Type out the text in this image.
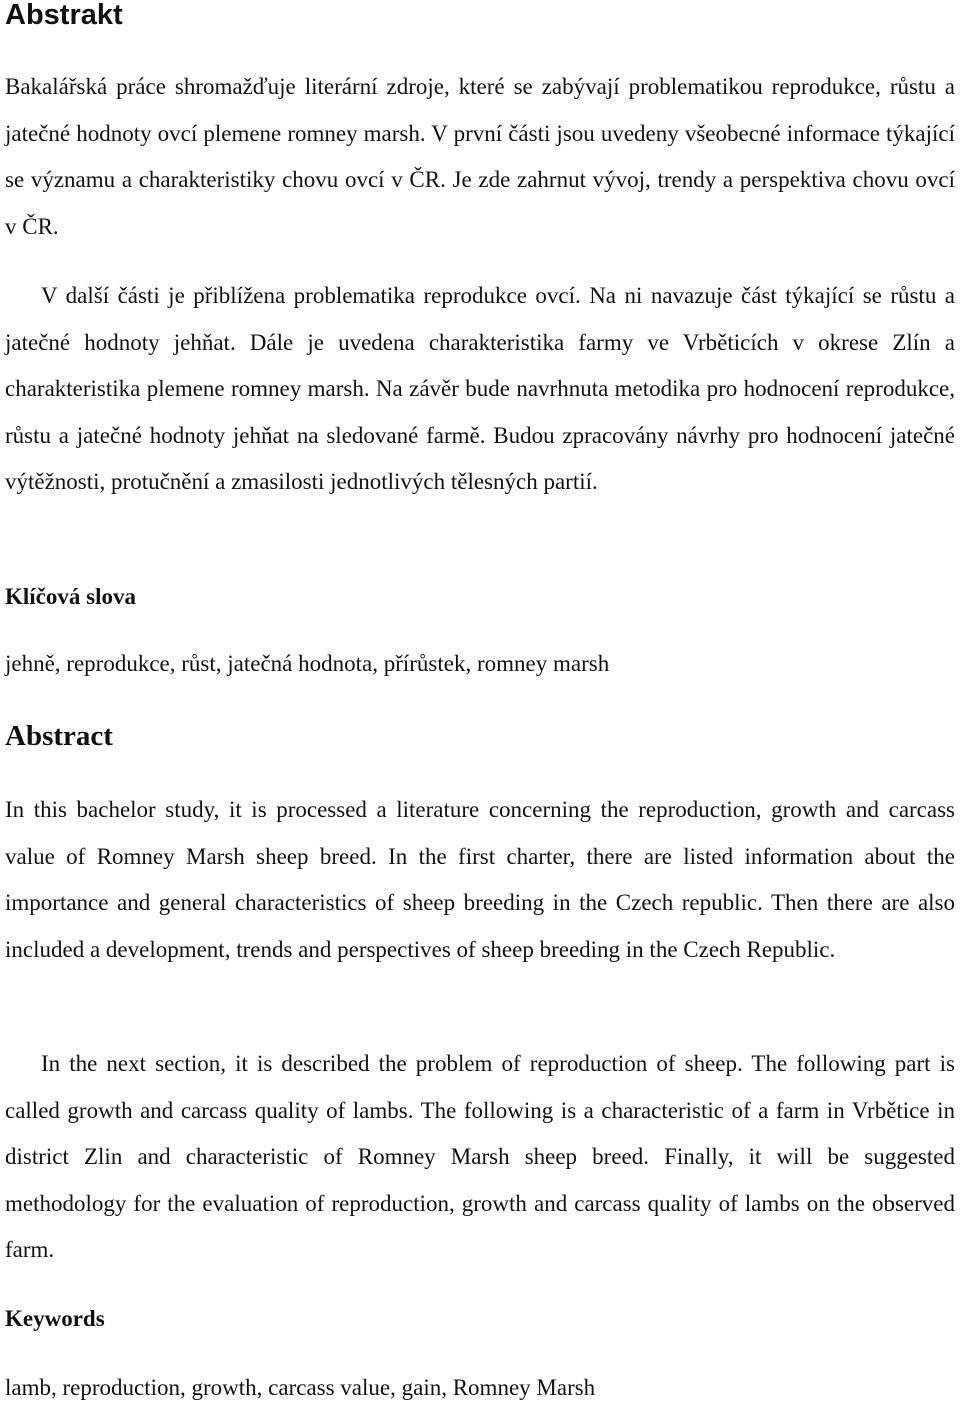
Abstrakt

Bakalářská práce shromažďuje literární zdroje, které se zabývají problematikou reprodukce, růstu a jatečné hodnoty ovcí plemene romney marsh. V první části jsou uvedeny všeobecné informace týkající se významu a charakteristiky chovu ovcí v ČR. Je zde zahrnut vývoj, trendy a perspektiva chovu ovcí v ČR.

V další části je přiblížena problematika reprodukce ovcí. Na ni navazuje část týkající se růstu a jatečné hodnoty jehňat. Dále je uvedena charakteristika farmy ve Vrběticích v okrese Zlín a charakteristika plemene romney marsh. Na závěr bude navrhnuta metodika pro hodnocení reprodukce, růstu a jatečné hodnoty jehňat na sledované farmě. Budou zpracovány návrhy pro hodnocení jatečné výtěžnosti, protučnění a zmasilosti jednotlivých tělesných partií.

Klíčová slova
jehně, reprodukce, růst, jatečná hodnota, přírůstek, romney marsh
Abstract

In this bachelor study, it is processed a literature concerning the reproduction, growth and carcass value of Romney Marsh sheep breed. In the first charter, there are listed information about the importance and general characteristics of sheep breeding in the Czech republic. Then there are also included a development, trends and perspectives of sheep breeding in the Czech Republic.

In the next section, it is described the problem of reproduction of sheep. The following part is called growth and carcass quality of lambs. The following is a characteristic of a farm in Vrbětice in district Zlin and characteristic of Romney Marsh sheep breed. Finally, it will be suggested methodology for the evaluation of reproduction, growth and carcass quality of lambs on the observed farm.

Keywords
lamb, reproduction, growth, carcass value, gain, Romney Marsh
